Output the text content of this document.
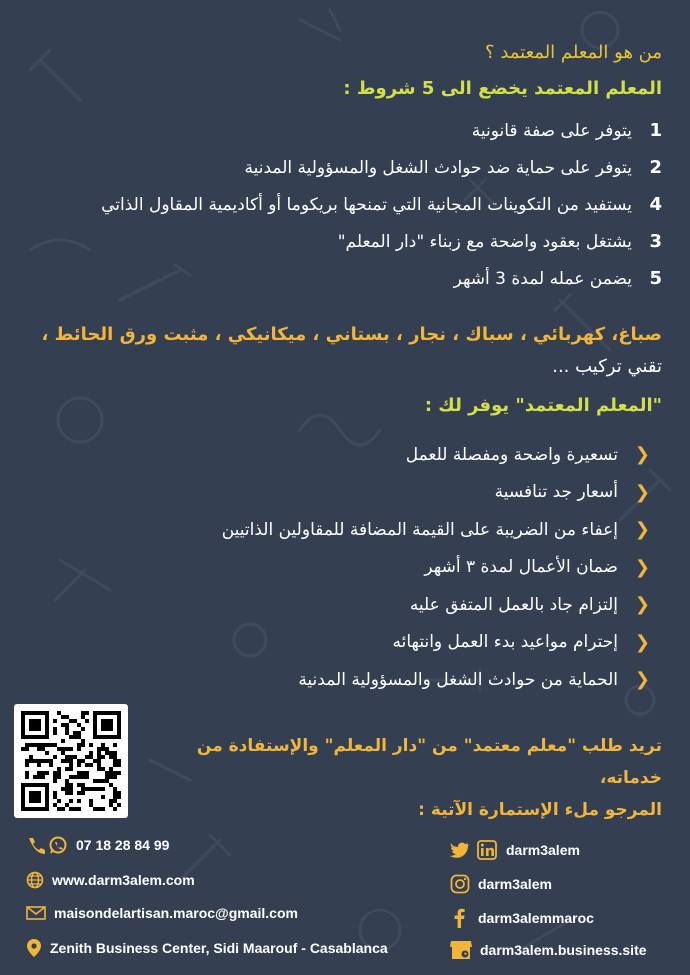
من هو المعلم المعتمد ؟
المعلم المعتمد يخضع الى 5 شروط :
1
يتوفر على صفة قانونية
2
يتوفر على حماية ضد حوادث الشغل والمسؤولية المدنية
4
يستفيد من التكوينات المجانية التي تمنحها بريكوما أو أكاديمية المقاول الذاتي
3
يشتغل بعقود واضحة مع زبناء "دار المعلم"
5
يضمن عمله لمدة 3 أشهر
صباغ، كهربائي ، سباك ، نجار ، بستاني ، ميكانيكي ، مثبت ورق الحائط ،
تقني تركيب ...
"المعلم المعتمد" يوفر لك :
❮
تسعيرة واضحة ومفصلة للعمل
❮
أسعار جد تنافسية
❮
إعفاء من الضريبة على القيمة المضافة للمقاولين الذاتيين
❮
ضمان الأعمال لمدة ٣ أشهر
❮
إلتزام جاد بالعمل المتفق عليه
❮
إحترام مواعيد بدء العمل وانتهائه
❮
الحماية من حوادث الشغل والمسؤولية المدنية
تريد طلب "معلم معتمد" من "دار المعلم" والإستفادة من خدماته،
المرجو ملء الإستمارة الآتية :
07 18 28 84 99
www.darm3alem.com
maisondelartisan.maroc@gmail.com
Zenith Business Center, Sidi Maarouf - Casablanca
darm3alem
darm3alem
darm3alemmaroc
darm3alem.business.site
